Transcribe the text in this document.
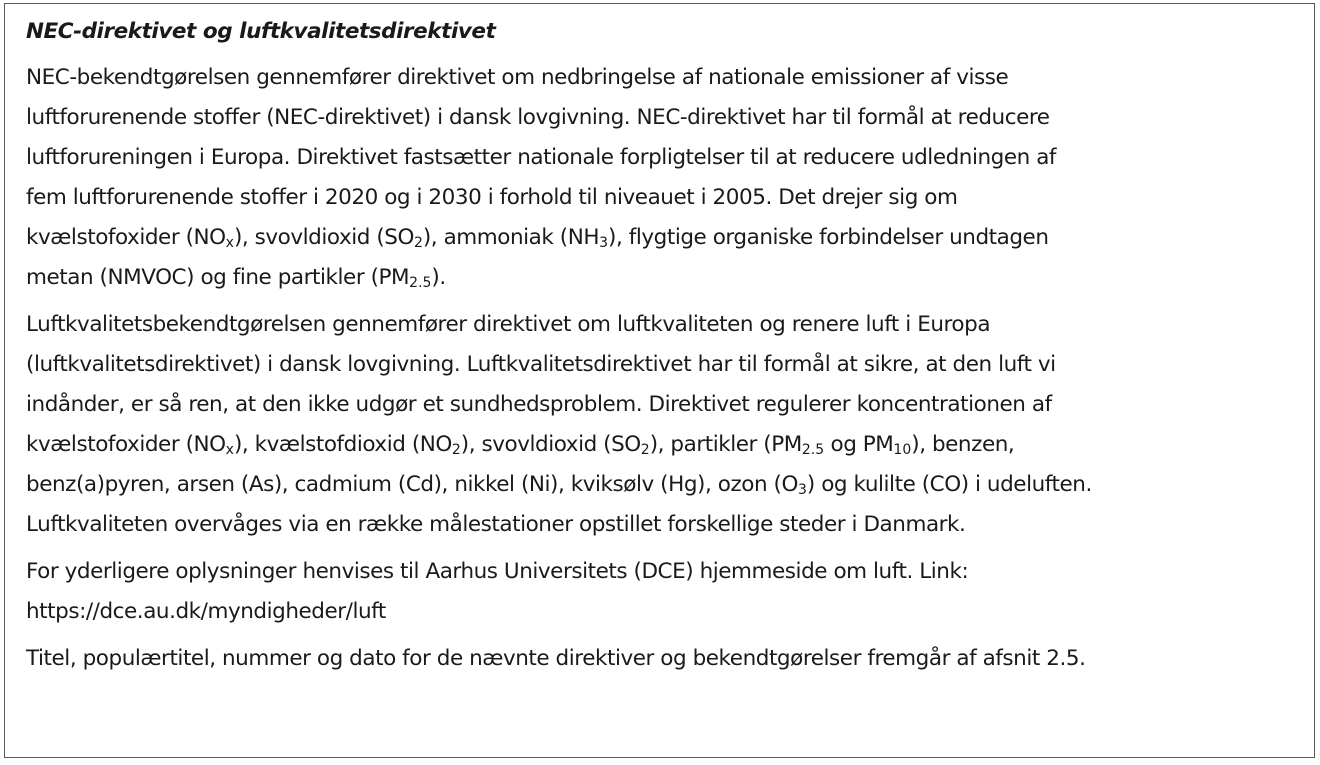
NEC-direktivet og luftkvalitetsdirektivet
NEC-bekendtgørelsen gennemfører direktivet om nedbringelse af nationale emissioner af visse
luftforurenende stoffer (NEC-direktivet) i dansk lovgivning. NEC-direktivet har til formål at reducere
luftforureningen i Europa. Direktivet fastsætter nationale forpligtelser til at reducere udledningen af
fem luftforurenende stoffer i 2020 og i 2030 i forhold til niveauet i 2005. Det drejer sig om
kvælstofoxider $(NO_x)$, svovldioxid $(SO_2)$, ammoniak $(NH_3)$, flygtige organiske forbindelser undtagen
metan (NMVOC) og fine partikler $(PM_{2.5})$.
Luftkvalitetsbekendtgørelsen gennemfører direktivet om luftkvaliteten og renere luft i Europa
(luftkvalitetsdirektivet) i dansk lovgivning. Luftkvalitetsdirektivet har til formål at sikre, at den luft vi
indånder, er så ren, at den ikke udgør et sundhedsproblem. Direktivet regulerer koncentrationen af
kvælstofoxider $(NO_x)$, kvælstofdioxid $(NO_2)$, svovldioxid $(SO_2)$, partikler ($PM_{2.5}$ og $PM_{10}$), benzen,
benz(a)pyren, arsen (As), cadmium (Cd), nikkel (Ni), kviksølv (Hg), ozon $(O_3)$ og kulilte (CO) i udeluften.
Luftkvaliteten overvåges via en række målestationer opstillet forskellige steder i Danmark.
For yderligere oplysninger henvises til Aarhus Universitets (DCE) hjemmeside om luft. Link:
https://dce.au.dk/myndigheder/luft
Titel, populærtitel, nummer og dato for de nævnte direktiver og bekendtgørelser fremgår af afsnit 2.5.
